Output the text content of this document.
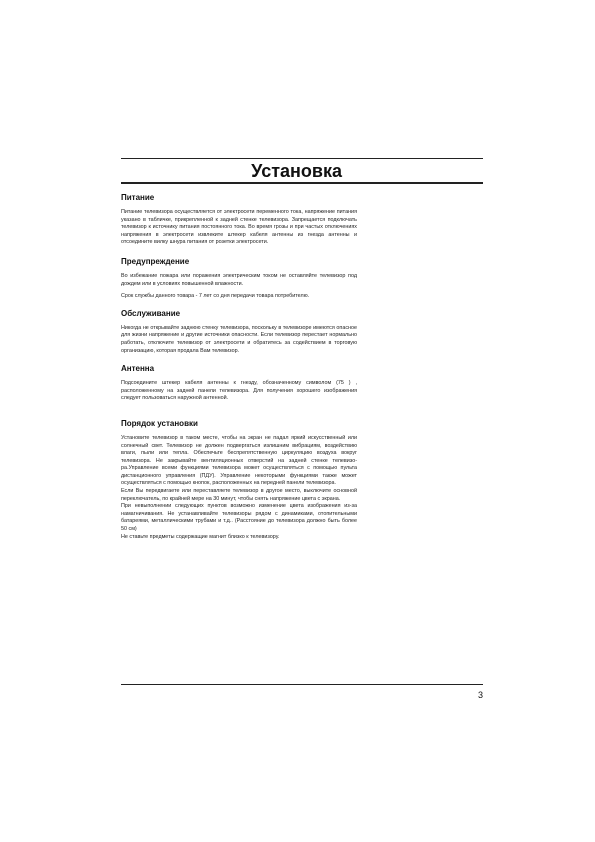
Установка
Питание

Питание телевизора осуществляется от электросети переменного тока, напряжение питания указано в табличке, прикрепленной к задней стенке телевизора. Запрещается подключать телевизор к источнику питания постоянного тока. Во время грозы и при частых отключениях напряжения в электросети извлеките штекер кабеля антенны из гнезда антенны и отсоедините вилку шнура питания от розетки электросети.

Предупреждение

Во избежание пожара или поражения электрическим током не оставляйте телевизор под дождем или в условиях повышенной влажности.

Срок службы данного товара - 7 лет со дня передачи товара потребителю.

Обслуживание

Никогда не открывайте заднюю стенку телевизора, поскольку в телевизоре имеются опасное для жизни напряжение и другие источники опасности. Если телевизор перестает нормально работать, отключите телевизор от электросети и обратитесь за содействием в торговую организацию, которая продала Вам телевизор.

Антенна

Подсоедините штекер кабеля антенны к гнезду, обозначенному символом (75 ) , расположенному на задней панели телевизора. Для получения хорошего изображения следует пользоваться наружной антенной.

Порядок установки

Установите телевизор в таком месте, чтобы на экран не падал яркий искусственный или солнечный свет. Телевизор не должен подвергаться излишним вибрациям, воздействию влаги, пыли или тепла. Обеспечьте беспрепятственную циркуляцию воздуха вокруг телевизора. Не закрывайте вентиляционных отверстий на задней стенке телевизо-ра.Управление всеми функциями телевизора может осуществляться с помощью пульта дистанционного управления (ПДУ). Управление некоторыми функциями также может осуществляться с помощью кнопок, расположенных на передней панели телевизора.

Если Вы передвигаете или переставляете телевизор в другое место, выключите основной переключатель, по крайней мере на 30 минут, чтобы снять напряжение цвета с экрана.

При невыполнении следующих пунктов возможно изменение цвета изображения из-за намагничивания. Не устанавливайте телевизоры рядом с динамиками, отопительными батареями, металлическими трубами и т.д.. (Расстояние до телевизора должно быть более 50 см)

Не ставьте предметы содержащие магнит близко к телевизору.

3
